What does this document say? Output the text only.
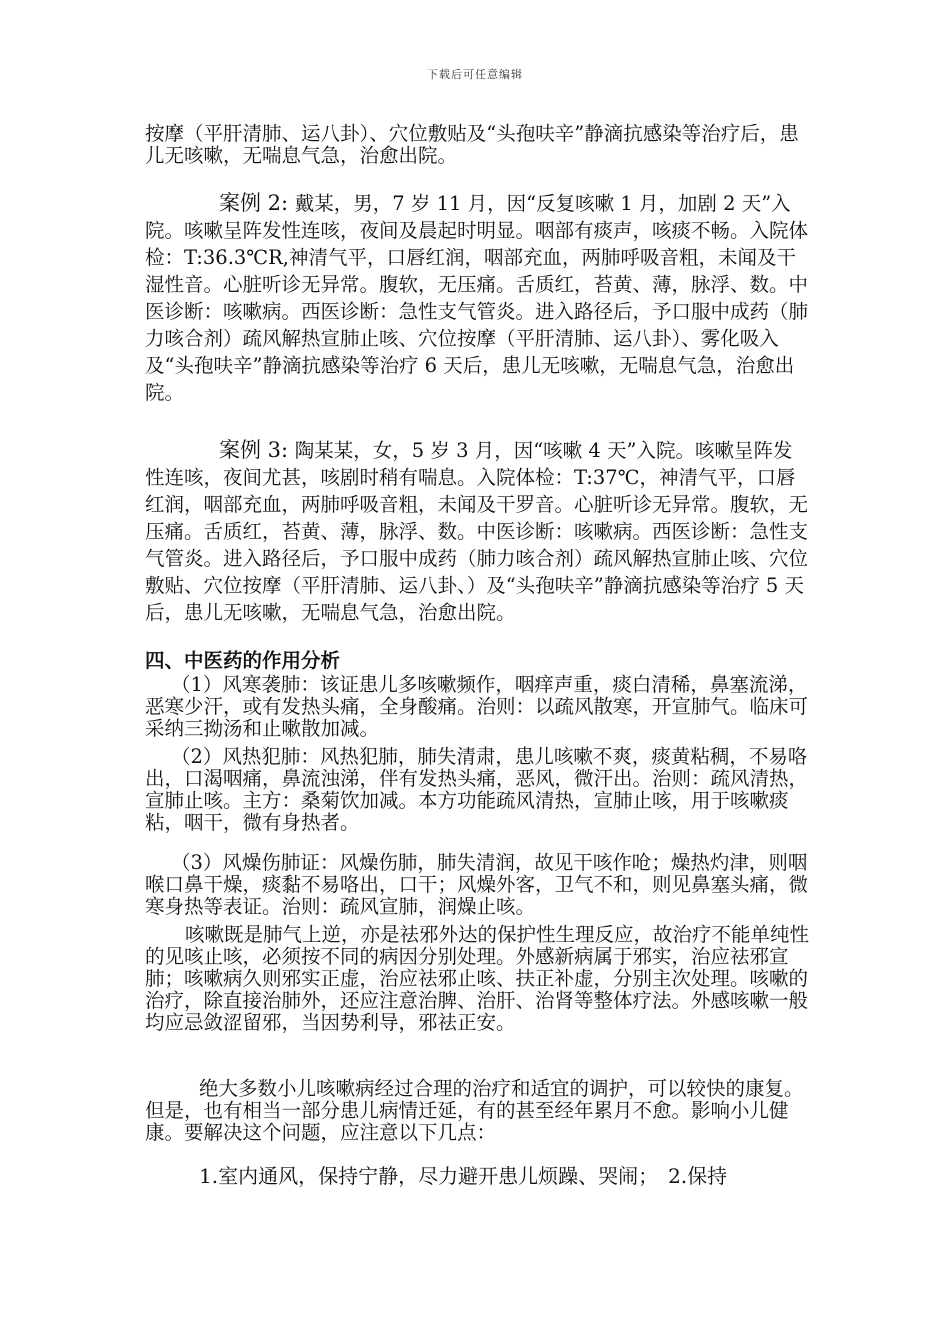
下载后可任意编辑
按摩（平肝清肺、运八卦）、穴位敷贴及“头孢呋辛”静滴抗感染等治疗后，患儿无咳嗽，无喘息气急，治愈出院。
案例 2: 戴某，男，7 岁 11 月，因“反复咳嗽 1 月，加剧 2 天”入院。咳嗽呈阵发性连咳，夜间及晨起时明显。咽部有痰声，咳痰不畅。入院体检：T:36.3℃R,神清气平，口唇红润，咽部充血，两肺呼吸音粗，未闻及干湿性音。心脏听诊无异常。腹软，无压痛。舌质红，苔黄、薄，脉浮、数。中医诊断：咳嗽病。西医诊断：急性支气管炎。进入路径后，予口服中成药（肺力咳合剂）疏风解热宣肺止咳、穴位按摩（平肝清肺、运八卦）、雾化吸入及“头孢呋辛”静滴抗感染等治疗 6 天后，患儿无咳嗽，无喘息气急，治愈出院。
案例 3: 陶某某，女，5 岁 3 月，因“咳嗽 4 天”入院。咳嗽呈阵发性连咳，夜间尤甚，咳剧时稍有喘息。入院体检：T:37℃，神清气平，口唇红润，咽部充血，两肺呼吸音粗，未闻及干罗音。心脏听诊无异常。腹软，无压痛。舌质红，苔黄、薄，脉浮、数。中医诊断：咳嗽病。西医诊断：急性支气管炎。进入路径后，予口服中成药（肺力咳合剂）疏风解热宣肺止咳、穴位敷贴、穴位按摩（平肝清肺、运八卦、）及“头孢呋辛”静滴抗感染等治疗 5 天后，患儿无咳嗽，无喘息气急，治愈出院。
四、中医药的作用分析
（1）风寒袭肺：该证患儿多咳嗽频作，咽痒声重，痰白清稀，鼻塞流涕，恶寒少汗，或有发热头痛，全身酸痛。治则：以疏风散寒，开宣肺气。临床可采纳三拗汤和止嗽散加减。
（2）风热犯肺：风热犯肺，肺失清肃，患儿咳嗽不爽，痰黄粘稠，不易咯出，口渴咽痛，鼻流浊涕，伴有发热头痛，恶风，微汗出。治则：疏风清热，宣肺止咳。主方：桑菊饮加减。本方功能疏风清热，宣肺止咳，用于咳嗽痰粘，咽干，微有身热者。
（3）风燥伤肺证：风燥伤肺，肺失清润，故见干咳作呛；燥热灼津，则咽喉口鼻干燥，痰黏不易咯出，口干；风燥外客，卫气不和，则见鼻塞头痛，微寒身热等表证。治则：疏风宣肺，润燥止咳。
咳嗽既是肺气上逆，亦是祛邪外达的保护性生理反应，故治疗不能单纯性的见咳止咳，必须按不同的病因分别处理。外感新病属于邪实，治应祛邪宣肺；咳嗽病久则邪实正虚，治应祛邪止咳、扶正补虚，分别主次处理。咳嗽的治疗，除直接治肺外，还应注意治脾、治肝、治肾等整体疗法。外感咳嗽一般均应忌敛涩留邪，当因势利导，邪祛正安。
绝大多数小儿咳嗽病经过合理的治疗和适宜的调护，可以较快的康复。但是，也有相当一部分患儿病情迁延，有的甚至经年累月不愈。影响小儿健康。要解决这个问题，应注意以下几点：
1.室内通风，保持宁静，尽力避开患儿烦躁、哭闹；　2.保持
